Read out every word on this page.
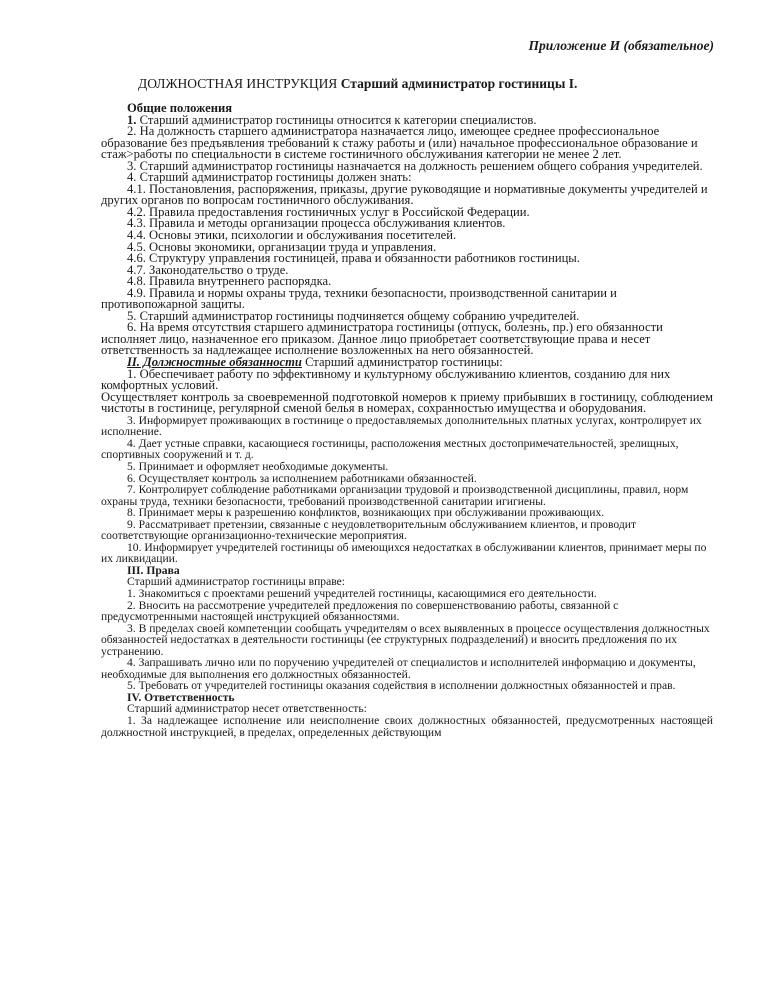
Приложение И (обязательное)
ДОЛЖНОСТНАЯ ИНСТРУКЦИЯ Старший администратор гостиницы I.

Общие положения

1. Старший администратор гостиницы относится к категории специалистов.

2. На должность старшего администратора назначается лицо, имеющее среднее профессиональное образование без предъявления требований к стажу работы и (или) начальное профессиональное образование и стаж>работы по специальности в системе гостиничного обслуживания категории не менее 2 лет.

3. Старший администратор гостиницы назначается на должность решением общего собрания учредителей.

4. Старший администратор гостиницы должен знать:

4.1. Постановления, распоряжения, приказы, другие руководящие и нормативные документы учредителей и других органов по вопросам гостиничного обслуживания.

4.2. Правила предоставления гостиничных услуг в Российской Федерации.

4.3. Правила и методы организации процесса обслуживания клиентов.

4.4. Основы этики, психологии и обслуживания посетителей.

4.5. Основы экономики, организации труда и управления.

4.6. Структуру управления гостиницей, права и обязанности работников гостиницы.

4.7. Законодательство о труде.

4.8. Правила внутреннего распорядка.

4.9. Правила и нормы охраны труда, техники безопасности, производственной санитарии и противопожарной защиты.

5. Старший администратор гостиницы подчиняется общему собранию учредителей.

6. На время отсутствия старшего администратора гостиницы (отпуск, болезнь, пр.) его обязанности исполняет лицо, назначенное его приказом. Данное лицо приобретает соответствующие права и несет ответственность за надлежащее исполнение возложенных на него обязанностей.

II. Должностные обязанности Старший администратор гостиницы:

1. Обеспечивает работу по эффективному и культурному обслуживанию клиентов, созданию для них комфортных условий.

Осуществляет контроль за своевременной подготовкой номеров к приему прибывших в гостиницу, соблюдением чистоты в гостинице, регулярной сменой белья в номерах, сохранностью имущества и оборудования.

3. Информирует проживающих в гостинице о предоставляемых дополнительных платных услугах, контролирует их исполнение.

4. Дает устные справки, касающиеся гостиницы, расположения местных достопримечательностей, зрелищных, спортивных сооружений и т. д.

5. Принимает и оформляет необходимые документы.

6. Осуществляет контроль за исполнением работниками обязанностей.

7. Контролирует соблюдение работниками организации трудовой и производственной дисциплины, правил, норм охраны труда, техники безопасности, требований производственной санитарии игигиены.

8. Принимает меры к разрешению конфликтов, возникающих при обслуживании проживающих.

9. Рассматривает претензии, связанные с неудовлетворительным обслуживанием клиентов, и проводит соответствующие организационно-технические мероприятия.

10. Информирует учредителей гостиницы об имеющихся недостатках в обслуживании клиентов, принимает меры по их ликвидации.

III. Права

Старший администратор гостиницы вправе:

1. Знакомиться с проектами решений учредителей гостиницы, касающимися его деятельности.

2. Вносить на рассмотрение учредителей предложения по совершенствованию работы, связанной с предусмотренными настоящей инструкцией обязанностями.

3. В пределах своей компетенции сообщать учредителям о всех выявленных в процессе осуществления должностных обязанностей недостатках в деятельности гостиницы (ее структурных подразделений) и вносить предложения по их устранению.

4. Запрашивать лично или по поручению учредителей от специалистов и исполнителей информацию и документы, необходимые для выполнения его должностных обязанностей.

5. Требовать от учредителей гостиницы оказания содействия в исполнении должностных обязанностей и прав.

IV. Ответственность

Старший администратор несет ответственность:

1. За надлежащее исполнение или неисполнение своих должностных обязанностей, предусмотренных настоящей должностной инструкцией, в пределах, определенных действующим
